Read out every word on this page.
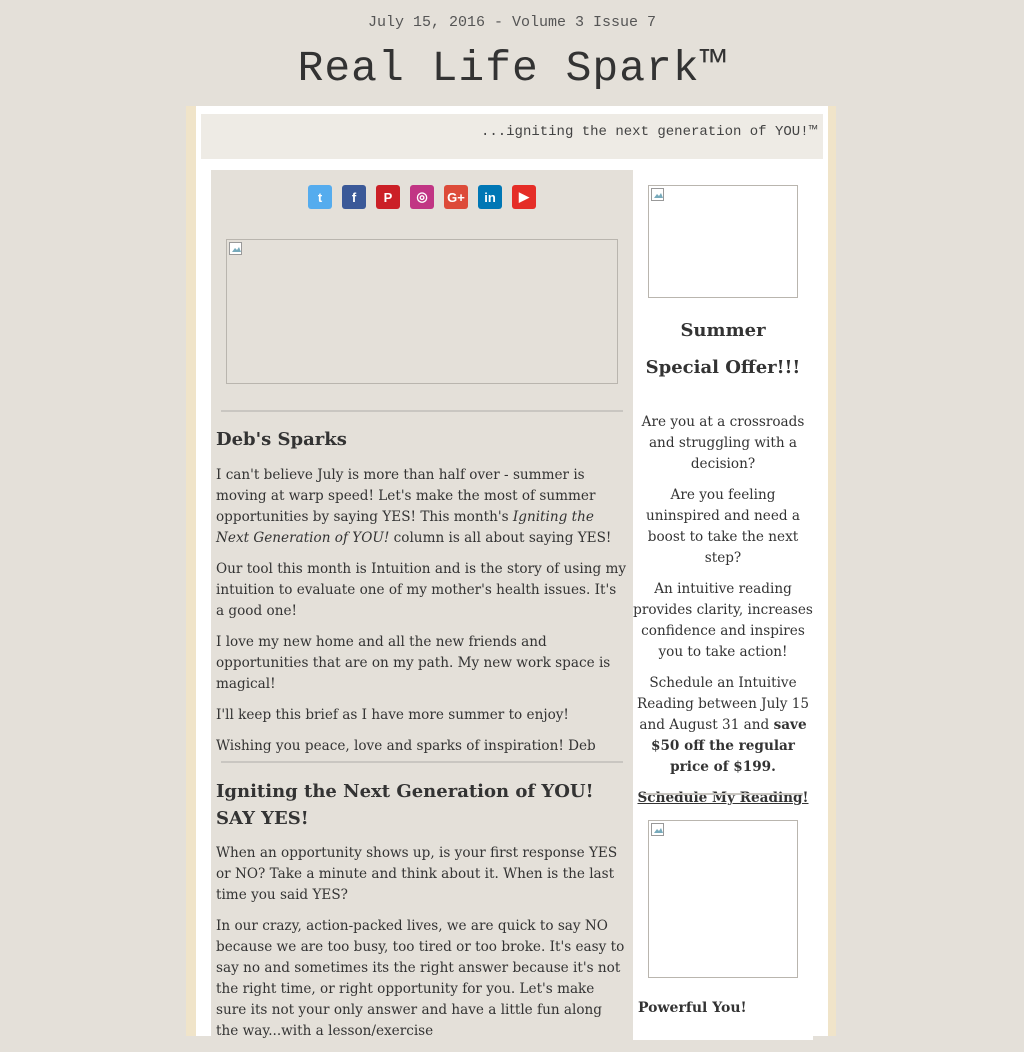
July 15, 2016 - Volume 3 Issue 7
Real Life Spark™
...igniting the next generation of YOU!™
t	f	P	◎	G+	in	▶
Deb's Sparks

I can't believe July is more than half over - summer is moving at warp speed! Let's make the most of summer opportunities by saying YES! This month's Igniting the Next Generation of YOU! column is all about saying YES!

Our tool this month is Intuition and is the story of using my intuition to evaluate one of my mother's health issues. It's a good one!

I love my new home and all the new friends and opportunities that are on my path. My new work space is magical!

I'll keep this brief as I have more summer to enjoy!

Wishing you peace, love and sparks of inspiration! Deb

Igniting the Next Generation of YOU! SAY YES!

When an opportunity shows up, is your first response YES or NO? Take a minute and think about it. When is the last time you said YES?

In our crazy, action-packed lives, we are quick to say NO because we are too busy, too tired or too broke. It's easy to say no and sometimes its the right answer because it's not the right time, or right opportunity for you. Let's make sure its not your only answer and have a little fun along the way...with a lesson/exercise

Summer
Special Offer!!!

Are you at a crossroads and struggling with a decision?

Are you feeling uninspired and need a boost to take the next step?

An intuitive reading provides clarity, increases confidence and inspires you to take action!

Schedule an Intuitive Reading between July 15 and August 31 and save $50 off the regular price of $199.

Schedule My Reading!

Powerful You!
